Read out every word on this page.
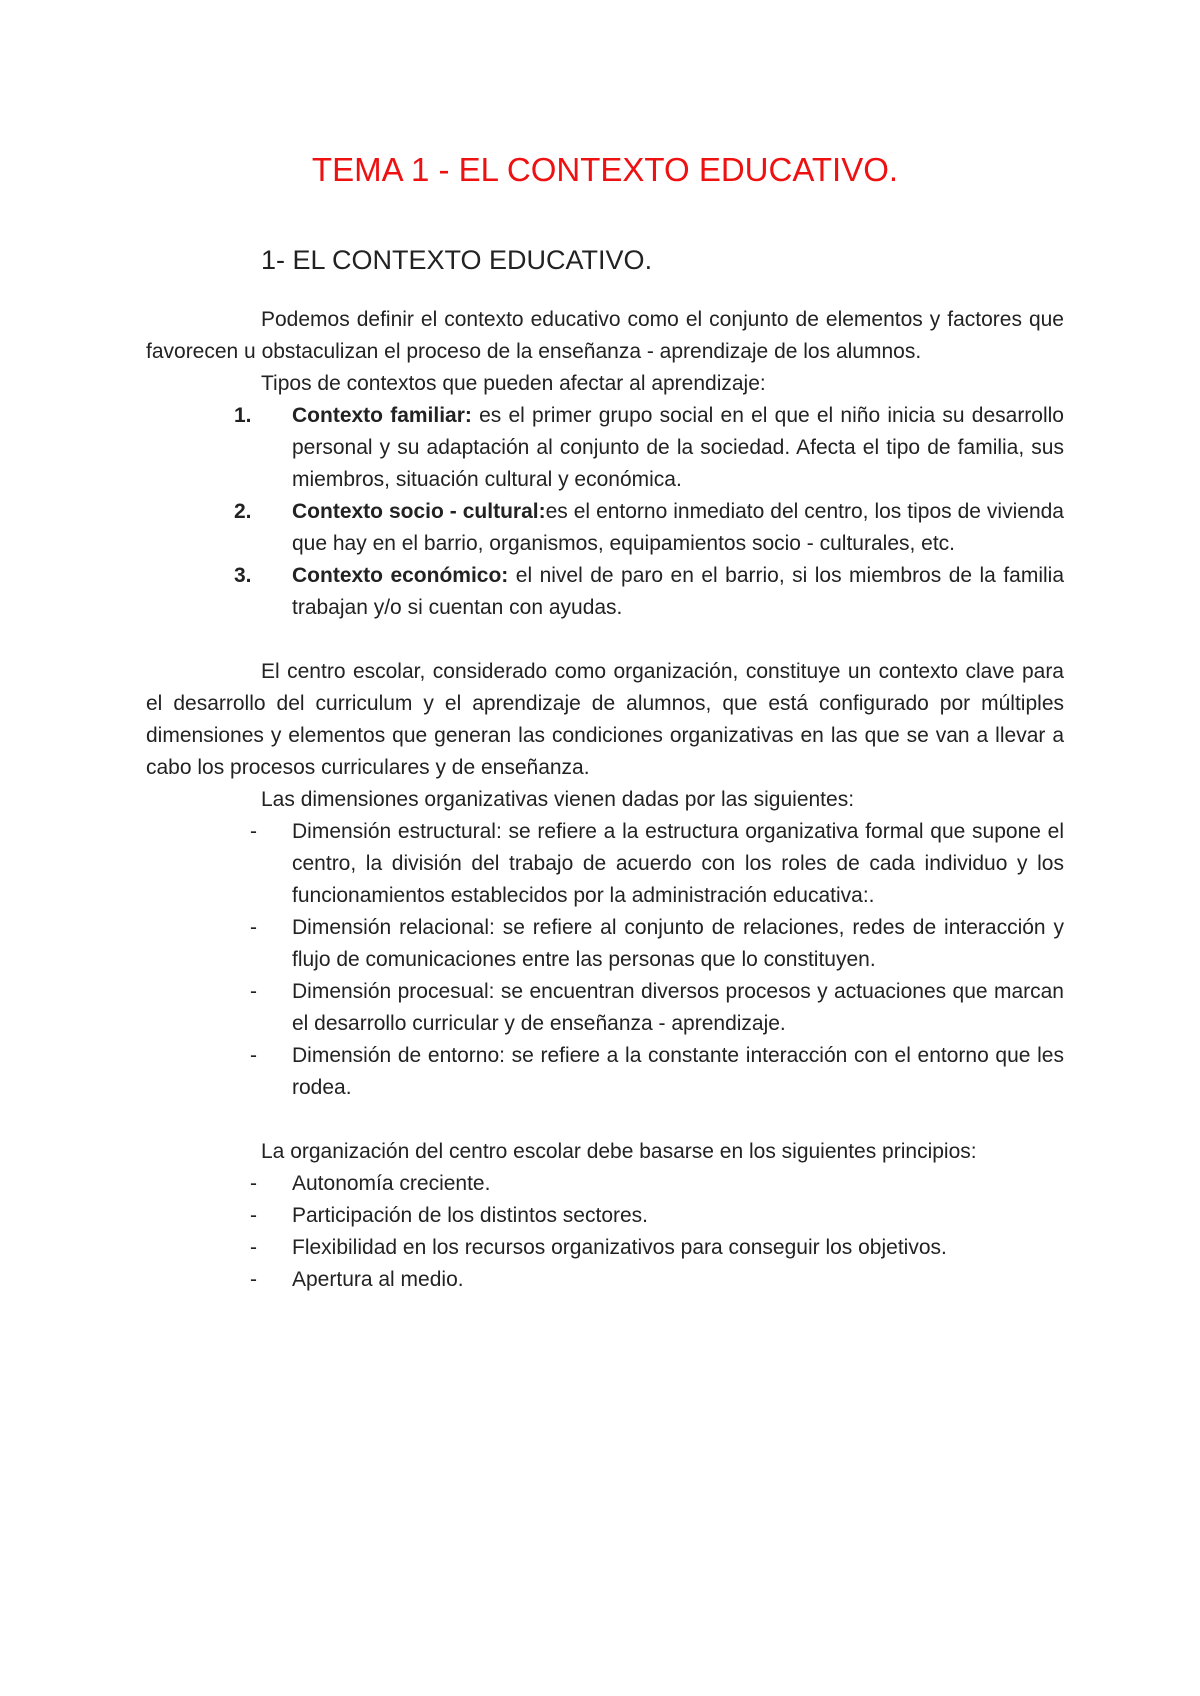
TEMA 1 - EL CONTEXTO EDUCATIVO.
1- EL CONTEXTO EDUCATIVO.

Podemos definir el contexto educativo como el conjunto de elementos y factores que favorecen u obstaculizan el proceso de la enseñanza - aprendizaje de los alumnos.

Tipos de contextos que pueden afectar al aprendizaje:

1. Contexto familiar: es el primer grupo social en el que el niño inicia su desarrollo personal y su adaptación al conjunto de la sociedad. Afecta el tipo de familia, sus miembros, situación cultural y económica.
2. Contexto socio - cultural:es el entorno inmediato del centro, los tipos de vivienda que hay en el barrio, organismos, equipamientos socio - culturales, etc.
3. Contexto económico: el nivel de paro en el barrio, si los miembros de la familia trabajan y/o si cuentan con ayudas.

El centro escolar, considerado como organización, constituye un contexto clave para el desarrollo del curriculum y el aprendizaje de alumnos, que está configurado por múltiples dimensiones y elementos que generan las condiciones organizativas en las que se van a llevar a cabo los procesos curriculares y de enseñanza.

Las dimensiones organizativas vienen dadas por las siguientes:

- Dimensión estructural: se refiere a la estructura organizativa formal que supone el centro, la división del trabajo de acuerdo con los roles de cada individuo y los funcionamientos establecidos por la administración educativa:.
- Dimensión relacional: se refiere al conjunto de relaciones, redes de interacción y flujo de comunicaciones entre las personas que lo constituyen.
- Dimensión procesual: se encuentran diversos procesos y actuaciones que marcan el desarrollo curricular y de enseñanza - aprendizaje.
- Dimensión de entorno: se refiere a la constante interacción con el entorno que les rodea.

La organización del centro escolar debe basarse en los siguientes principios:

- Autonomía creciente.
- Participación de los distintos sectores.
- Flexibilidad en los recursos organizativos para conseguir los objetivos.
- Apertura al medio.
